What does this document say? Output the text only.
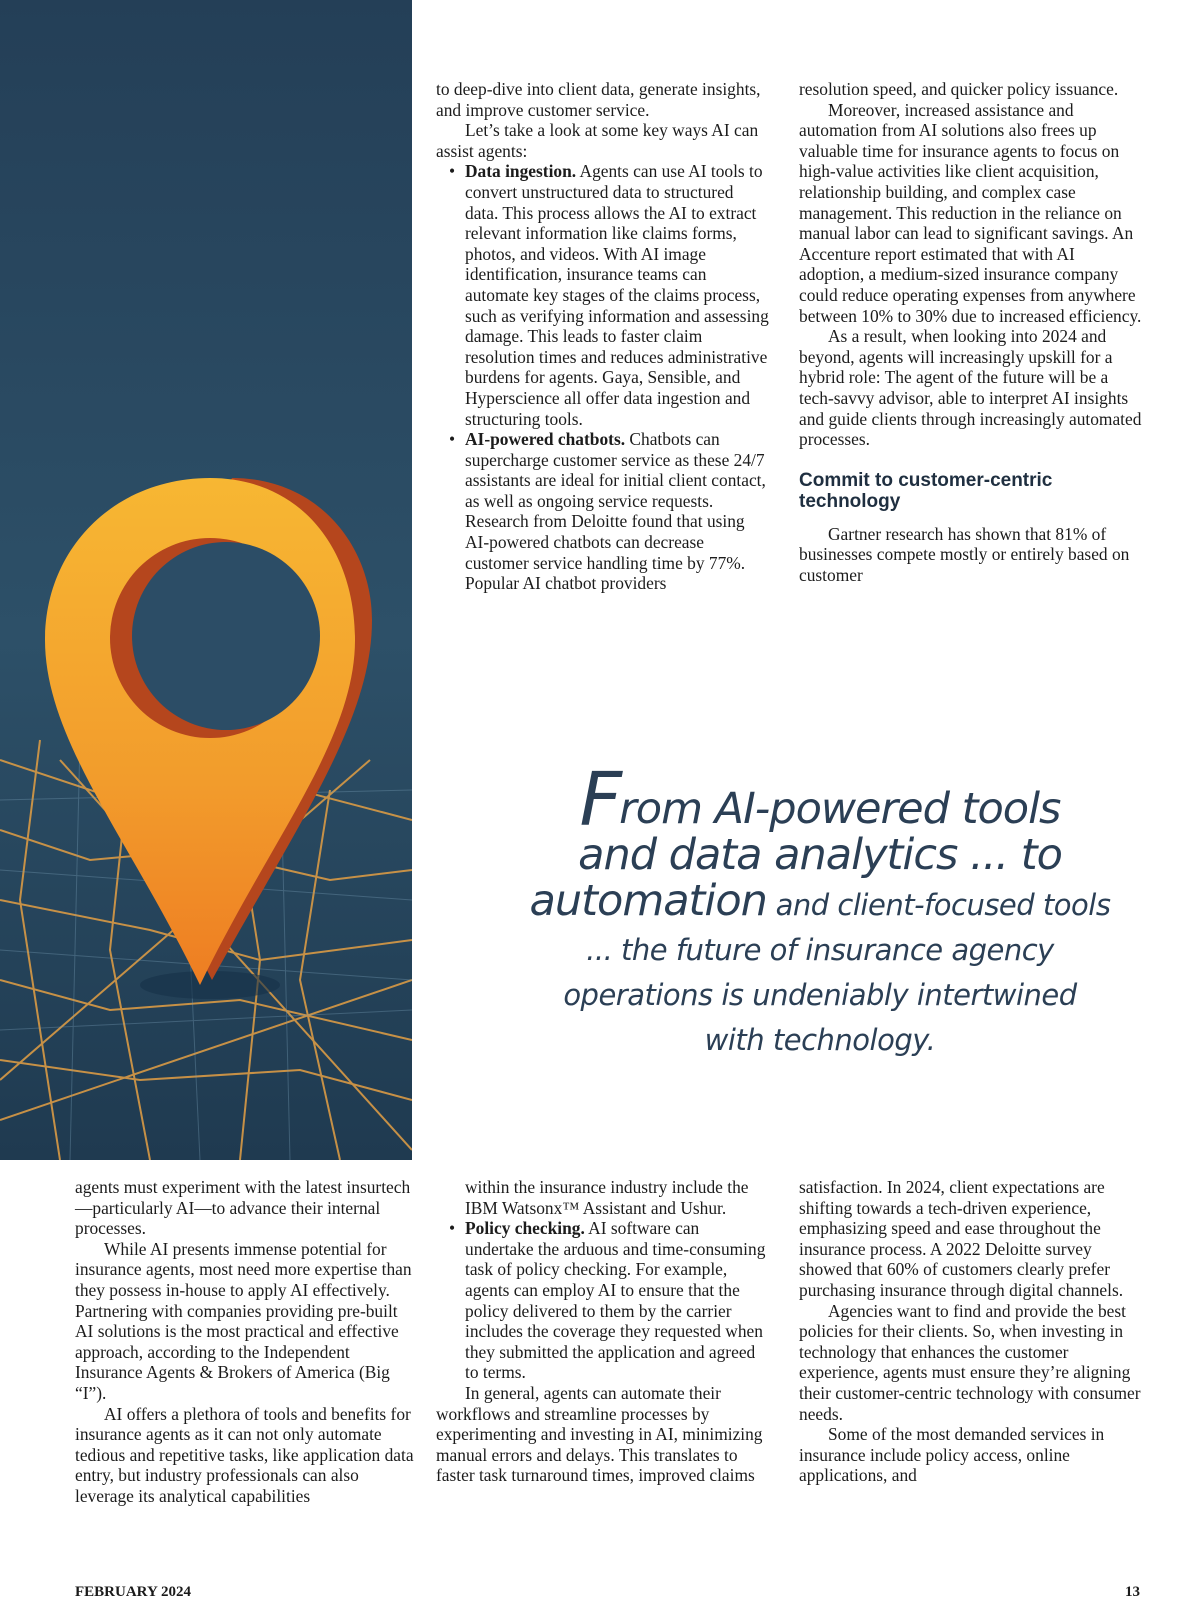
to deep-dive into client data, generate insights, and improve customer service.

Let’s take a look at some key ways AI can assist agents:

• Data ingestion. Agents can use AI tools to convert unstructured data to structured data. This process allows the AI to extract relevant information like claims forms, photos, and videos. With AI image identification, insurance teams can automate key stages of the claims process, such as verifying information and assessing damage. This leads to faster claim resolution times and reduces administrative burdens for agents. Gaya, Sensible, and Hyperscience all offer data ingestion and structuring tools.
• AI-powered chatbots. Chatbots can supercharge customer service as these 24/7 assistants are ideal for initial client contact, as well as ongoing service requests. Research from Deloitte found that using AI-powered chatbots can decrease customer service handling time by 77%. Popular AI chatbot providers

resolution speed, and quicker policy issuance.

Moreover, increased assistance and automation from AI solutions also frees up valuable time for insurance agents to focus on high-value activities like client acquisition, relationship building, and complex case management. This reduction in the reliance on manual labor can lead to significant savings. An Accenture report estimated that with AI adoption, a medium-sized insurance company could reduce operating expenses from anywhere between 10% to 30% due to increased efficiency.

As a result, when looking into 2024 and beyond, agents will increasingly upskill for a hybrid role: The agent of the future will be a tech-savvy advisor, able to interpret AI insights and guide clients through increasingly automated processes.

Commit to customer-centric technology

Gartner research has shown that 81% of businesses compete mostly or entirely based on customer

From AI-powered tools
and data analytics ... to
automation and client-focused tools
... the future of insurance agency
operations is undeniably intertwined
with technology.

agents must experiment with the latest insurtech—particularly AI—to advance their internal processes.

While AI presents immense potential for insurance agents, most need more expertise than they possess in-house to apply AI effectively. Partnering with companies providing pre-built AI solutions is the most practical and effective approach, according to the Independent Insurance Agents & Brokers of America (Big “I”).

AI offers a plethora of tools and benefits for insurance agents as it can not only automate tedious and repetitive tasks, like application data entry, but industry professionals can also leverage its analytical capabilities

within the insurance industry include the IBM Watsonx™ Assistant and Ushur.

• Policy checking. AI software can undertake the arduous and time-consuming task of policy checking. For example, agents can employ AI to ensure that the policy delivered to them by the carrier includes the coverage they requested when they submitted the application and agreed to terms.

In general, agents can automate their workflows and streamline processes by experimenting and investing in AI, minimizing manual errors and delays. This translates to faster task turnaround times, improved claims

satisfaction. In 2024, client expectations are shifting towards a tech-driven experience, emphasizing speed and ease throughout the insurance process. A 2022 Deloitte survey showed that 60% of customers clearly prefer purchasing insurance through digital channels.

Agencies want to find and provide the best policies for their clients. So, when investing in technology that enhances the customer experience, agents must ensure they’re aligning their customer-centric technology with consumer needs.

Some of the most demanded services in insurance include policy access, online applications, and

FEBRUARY 2024	13
